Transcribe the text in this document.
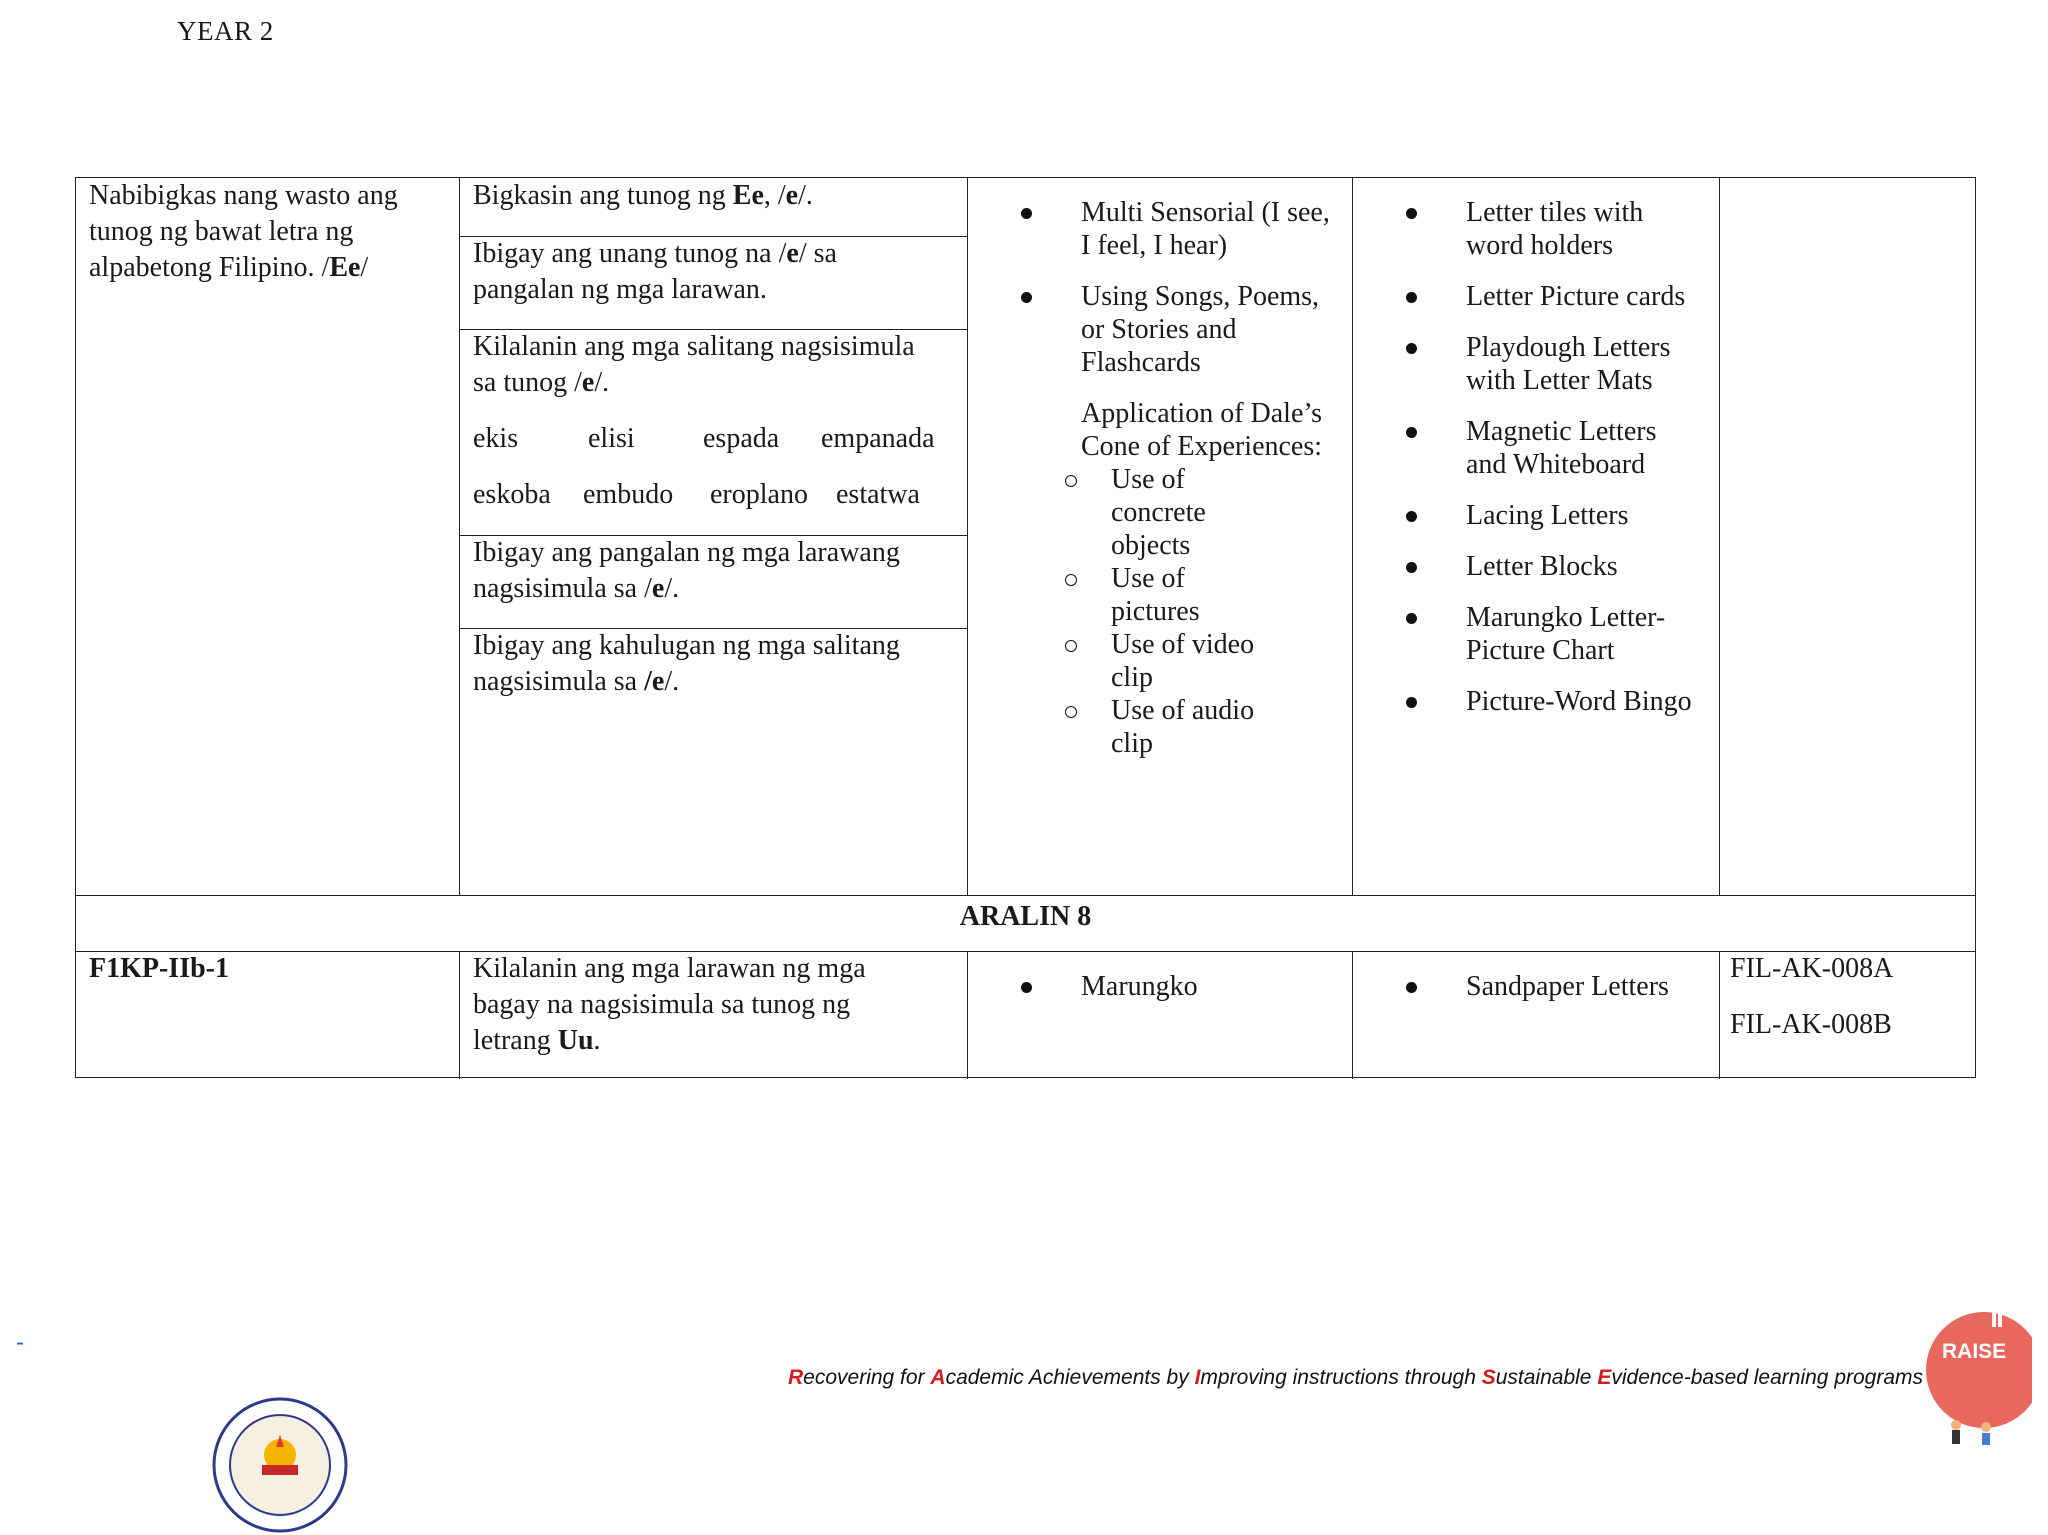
YEAR 2
Nabibigkas nang wasto ang
tunog ng bawat letra ng
alpabetong Filipino. /Ee/
Bigkasin ang tunog ng Ee, /e/.
Ibigay ang unang tunog na /e/ sa
pangalan ng mga larawan.
Kilalanin ang mga salitang nagsisimula
sa tunog /e/.
ekis elisi espada empanada
eskoba embudo eroplano estatwa
Ibigay ang pangalan ng mga larawang
nagsisimula sa /e/.
Ibigay ang kahulugan ng mga salitang
nagsisimula sa /e/.
Multi Sensorial (I see,
I feel, I hear)
Using Songs, Poems,
or Stories and
Flashcards
Application of Dale’s
Cone of Experiences:
Use of
concrete
objects
Use of
pictures
Use of video
clip
Use of audio
clip
Letter tiles with
word holders
Letter Picture cards
Playdough Letters
with Letter Mats
Magnetic Letters
and Whiteboard
Lacing Letters
Letter Blocks
Marungko Letter-
Picture Chart
Picture-Word Bingo
ARALIN 8
F1KP-IIb-1	Kilalanin ang mga larawan ng mga
bagay na nagsisimula sa tunog ng
letrang Uu.
Marungko	Sandpaper Letters
FIL-AK-008A
FIL-AK-008B
-
Recovering for Academic Achievements by Improving instructions through Sustainable Evidence-based learning programs
RAISE
